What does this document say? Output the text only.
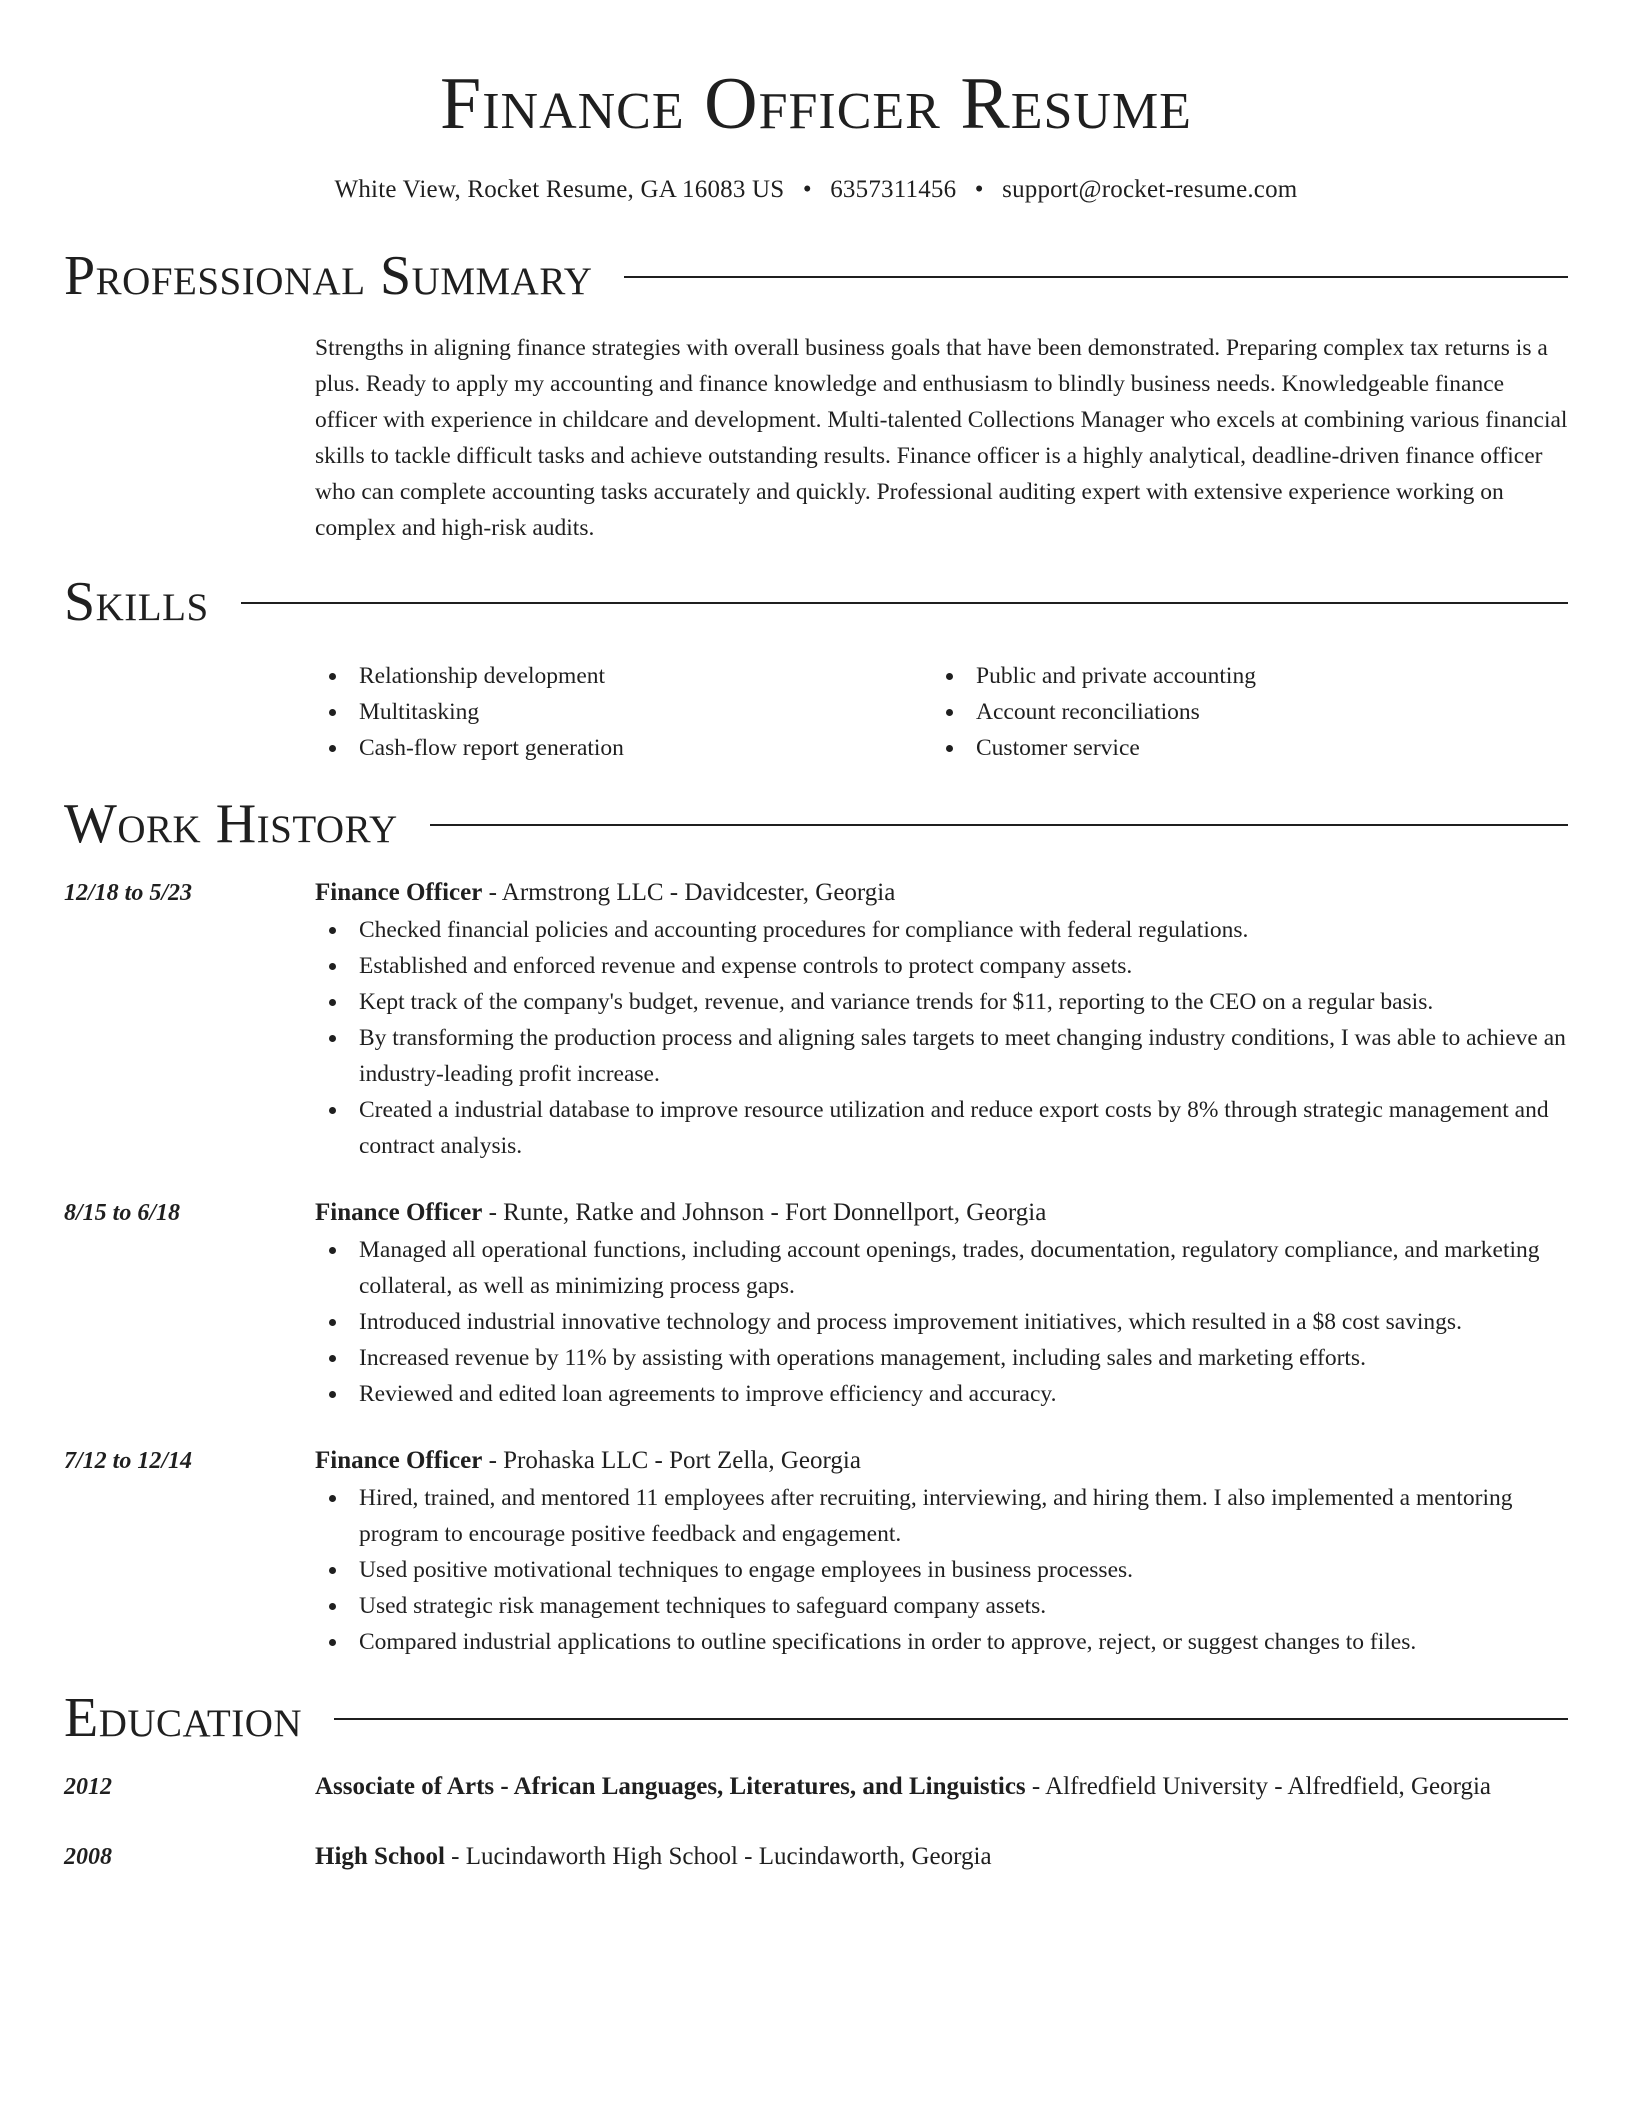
Finance Officer Resume
White View, Rocket Resume, GA 16083 US • 6357311456 • support@rocket-resume.com
Professional Summary
Strengths in aligning finance strategies with overall business goals that have been demonstrated. Preparing complex tax returns is a plus. Ready to apply my accounting and finance knowledge and enthusiasm to blindly business needs. Knowledgeable finance officer with experience in childcare and development. Multi-talented Collections Manager who excels at combining various financial skills to tackle difficult tasks and achieve outstanding results. Finance officer is a highly analytical, deadline-driven finance officer who can complete accounting tasks accurately and quickly. Professional auditing expert with extensive experience working on complex and high-risk audits.
Skills
Relationship development
Multitasking
Cash-flow report generation
Public and private accounting
Account reconciliations
Customer service
Work History
12/18 to 5/23	Finance Officer - Armstrong LLC - Davidcester, Georgia
Checked financial policies and accounting procedures for compliance with federal regulations.
Established and enforced revenue and expense controls to protect company assets.
Kept track of the company's budget, revenue, and variance trends for $11, reporting to the CEO on a regular basis.
By transforming the production process and aligning sales targets to meet changing industry conditions, I was able to achieve an industry-leading profit increase.
Created a industrial database to improve resource utilization and reduce export costs by 8% through strategic management and contract analysis.
8/15 to 6/18	Finance Officer - Runte, Ratke and Johnson - Fort Donnellport, Georgia
Managed all operational functions, including account openings, trades, documentation, regulatory compliance, and marketing collateral, as well as minimizing process gaps.
Introduced industrial innovative technology and process improvement initiatives, which resulted in a $8 cost savings.
Increased revenue by 11% by assisting with operations management, including sales and marketing efforts.
Reviewed and edited loan agreements to improve efficiency and accuracy.
7/12 to 12/14	Finance Officer - Prohaska LLC - Port Zella, Georgia
Hired, trained, and mentored 11 employees after recruiting, interviewing, and hiring them. I also implemented a mentoring program to encourage positive feedback and engagement.
Used positive motivational techniques to engage employees in business processes.
Used strategic risk management techniques to safeguard company assets.
Compared industrial applications to outline specifications in order to approve, reject, or suggest changes to files.
Education
2012	Associate of Arts - African Languages, Literatures, and Linguistics - Alfredfield University - Alfredfield, Georgia
2008	High School - Lucindaworth High School - Lucindaworth, Georgia
